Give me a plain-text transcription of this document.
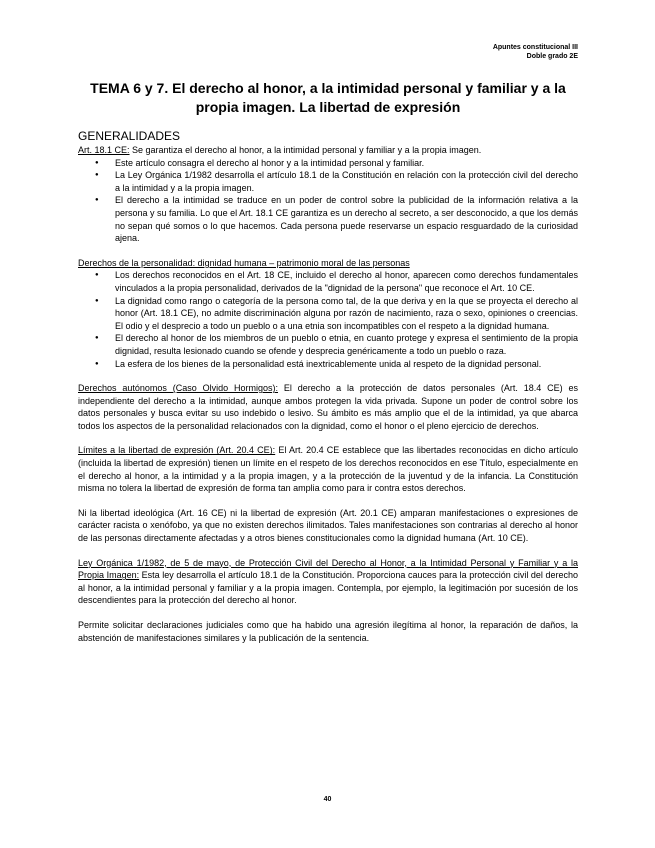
Apuntes constitucional III
Doble grado 2E
TEMA 6 y 7. El derecho al honor, a la intimidad personal y familiar y a la propia imagen. La libertad de expresión
GENERALIDADES

Art. 18.1 CE: Se garantiza el derecho al honor, a la intimidad personal y familiar y a la propia imagen.

● Este artículo consagra el derecho al honor y a la intimidad personal y familiar.
● La Ley Orgánica 1/1982 desarrolla el artículo 18.1 de la Constitución en relación con la protección civil del derecho a la intimidad y a la propia imagen.
● El derecho a la intimidad se traduce en un poder de control sobre la publicidad de la información relativa a la persona y su familia. Lo que el Art. 18.1 CE garantiza es un derecho al secreto, a ser desconocido, a que los demás no sepan qué somos o lo que hacemos. Cada persona puede reservarse un espacio resguardado de la curiosidad ajena.

Derechos de la personalidad: dignidad humana – patrimonio moral de las personas

● Los derechos reconocidos en el Art. 18 CE, incluido el derecho al honor, aparecen como derechos fundamentales vinculados a la propia personalidad, derivados de la "dignidad de la persona" que reconoce el Art. 10 CE.
● La dignidad como rango o categoría de la persona como tal, de la que deriva y en la que se proyecta el derecho al honor (Art. 18.1 CE), no admite discriminación alguna por razón de nacimiento, raza o sexo, opiniones o creencias. El odio y el desprecio a todo un pueblo o a una etnia son incompatibles con el respeto a la dignidad humana.
● El derecho al honor de los miembros de un pueblo o etnia, en cuanto protege y expresa el sentimiento de la propia dignidad, resulta lesionado cuando se ofende y desprecia genéricamente a todo un pueblo o raza.
● La esfera de los bienes de la personalidad está inextricablemente unida al respeto de la dignidad personal.

Derechos autónomos (Caso Olvido Hormigos): El derecho a la protección de datos personales (Art. 18.4 CE) es independiente del derecho a la intimidad, aunque ambos protegen la vida privada. Supone un poder de control sobre los datos personales y busca evitar su uso indebido o lesivo. Su ámbito es más amplio que el de la intimidad, ya que abarca todos los aspectos de la personalidad relacionados con la dignidad, como el honor o el pleno ejercicio de derechos.

Límites a la libertad de expresión (Art. 20.4 CE): El Art. 20.4 CE establece que las libertades reconocidas en dicho artículo (incluida la libertad de expresión) tienen un límite en el respeto de los derechos reconocidos en ese Título, especialmente en el derecho al honor, a la intimidad y a la propia imagen, y a la protección de la juventud y de la infancia. La Constitución misma no tolera la libertad de expresión de forma tan amplia como para ir contra estos derechos.

Ni la libertad ideológica (Art. 16 CE) ni la libertad de expresión (Art. 20.1 CE) amparan manifestaciones o expresiones de carácter racista o xenófobo, ya que no existen derechos ilimitados. Tales manifestaciones son contrarias al derecho al honor de las personas directamente afectadas y a otros bienes constitucionales como la dignidad humana (Art. 10 CE).

Ley Orgánica 1/1982, de 5 de mayo, de Protección Civil del Derecho al Honor, a la Intimidad Personal y Familiar y a la Propia Imagen: Esta ley desarrolla el artículo 18.1 de la Constitución. Proporciona cauces para la protección civil del derecho al honor, a la intimidad personal y familiar y a la propia imagen. Contempla, por ejemplo, la legitimación por sucesión de los descendientes para la protección del derecho al honor.

Permite solicitar declaraciones judiciales como que ha habido una agresión ilegítima al honor, la reparación de daños, la abstención de manifestaciones similares y la publicación de la sentencia.

40
